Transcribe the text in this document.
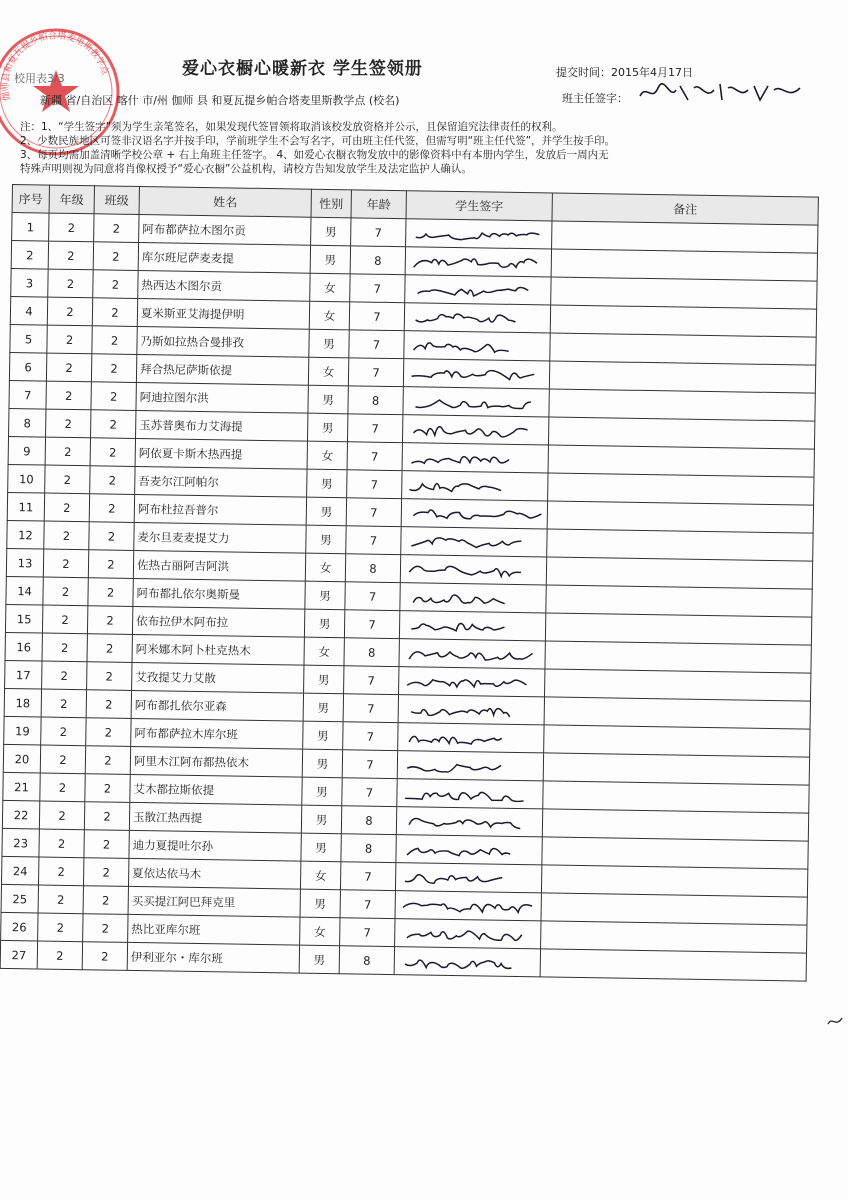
伽师县和夏瓦提乡帕合塔麦里斯教学点
校用表3/3	爱心衣橱心暖新衣 学生签领册	提交时间：2015年4月17日
新疆 省/自治区 喀什 市/州 伽师 县 和夏瓦提乡帕合塔麦里斯教学点 (校名)	班主任签字：
注：1、“学生签字”须为学生亲笔签名，如果发现代签冒领将取消该校发放资格并公示，且保留追究法律责任的权利。
2、少数民族地区可签非汉语名字并按手印，学前班学生不会写名字，可由班主任代签，但需写明“班主任代签”，并学生按手印。
3、每页均需加盖清晰学校公章 + 右上角班主任签字。 4、如爱心衣橱衣物发放中的影像资料中有本册内学生，发放后一周内无
特殊声明则视为同意将肖像权授予“爱心衣橱”公益机构，请校方告知发放学生及法定监护人确认。
序号	年级	班级	姓名	性别	年龄	学生签字	备注
1	2	2	阿布都萨拉木图尔贡	男	7	

2	2	2	库尔班尼萨麦麦提	男	8	

3	2	2	热西达木图尔贡	女	7	

4	2	2	夏米斯亚艾海提伊明	女	7	

5	2	2	乃斯如拉热合曼排孜	男	7	

6	2	2	拜合热尼萨斯依提	女	7	

7	2	2	阿迪拉图尔洪	男	8	

8	2	2	玉苏普奥布力艾海提	男	7	

9	2	2	阿依夏卡斯木热西提	女	7	

10	2	2	吾麦尔江阿帕尔	男	7	

11	2	2	阿布杜拉吾普尔	男	7	

12	2	2	麦尔旦麦麦提艾力	男	7	

13	2	2	佐热古丽阿吉阿洪	女	8	

14	2	2	阿布都扎依尔奥斯曼	男	7	

15	2	2	依布拉伊木阿布拉	男	7	

16	2	2	阿米娜木阿卜杜克热木	女	8	

17	2	2	艾孜提艾力艾散	男	7	

18	2	2	阿布都扎依尔亚森	男	7	

19	2	2	阿布都萨拉木库尔班	男	7	

20	2	2	阿里木江阿布都热依木	男	7	

21	2	2	艾木都拉斯依提	男	7	

22	2	2	玉散江热西提	男	8	

23	2	2	迪力夏提吐尔孙	男	8	

24	2	2	夏依达依马木	女	7	

25	2	2	买买提江阿巴拜克里	男	7	

26	2	2	热比亚库尔班	女	7	

27	2	2	伊利亚尔・库尔班	男	8	
